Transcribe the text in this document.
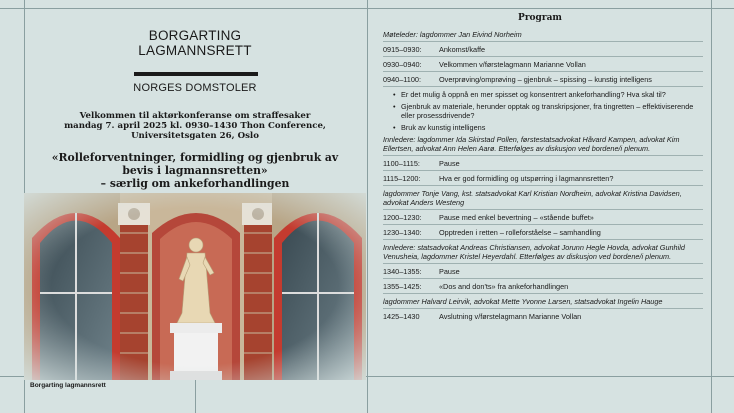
BORGARTING
LAGMANNSRETT
NORGES DOMSTOLER
Velkommen til aktørkonferanse om straffesaker
mandag 7. april 2025 kl. 0930–1430 Thon Conference,
Universitetsgaten 26, Oslo
«Rolleforventninger, formidling og gjenbruk av
bevis i lagmannsretten»
– særlig om ankeforhandlingen
Borgarting lagmannsrett
Program
Møteleder: lagdommer Jan Eivind Norheim
0915–0930:	Ankomst/kaffe
0930–0940:	Velkommen v/førstelagmann Marianne Vollan
0940–1100:	Overprøving/omprøving – gjenbruk – spissing – kunstig intelligens
• Er det mulig å oppnå en mer spisset og konsentrert ankeforhandling? Hva skal til?
• Gjenbruk av materiale, herunder opptak og transkripsjoner, fra tingretten – effektiviserende eller prosessdrivende?
• Bruk av kunstig intelligens
Innledere: lagdommer Ida Skirstad Pollen, førstestatsadvokat Håvard Kampen, advokat Kim Ellertsen, advokat Ann Helen Aarø. Etterfølges av diskusjon ved bordene/i plenum.
1100–1115:	Pause
1115–1200:	Hva er god formidling og utspørring i lagmannsretten?
lagdommer Tonje Vang, kst. statsadvokat Karl Kristian Nordheim, advokat Kristina Davidsen, advokat Anders Westeng
1200–1230:	Pause med enkel bevertning – «stående buffet»
1230–1340:	Opptreden i retten – rolleforståelse – samhandling
Innledere: statsadvokat Andreas Christiansen, advokat Jorunn Hegle Hovda, advokat Gunhild Venusheia, lagdommer Kristel Heyerdahl. Etterfølges av diskusjon ved bordene/i plenum.
1340–1355:	Pause
1355–1425:	«Dos and don'ts» fra ankeforhandlingen
lagdommer Halvard Leirvik, advokat Mette Yvonne Larsen, statsadvokat Ingelin Hauge
1425–1430	Avslutning v/førstelagmann Marianne Vollan
